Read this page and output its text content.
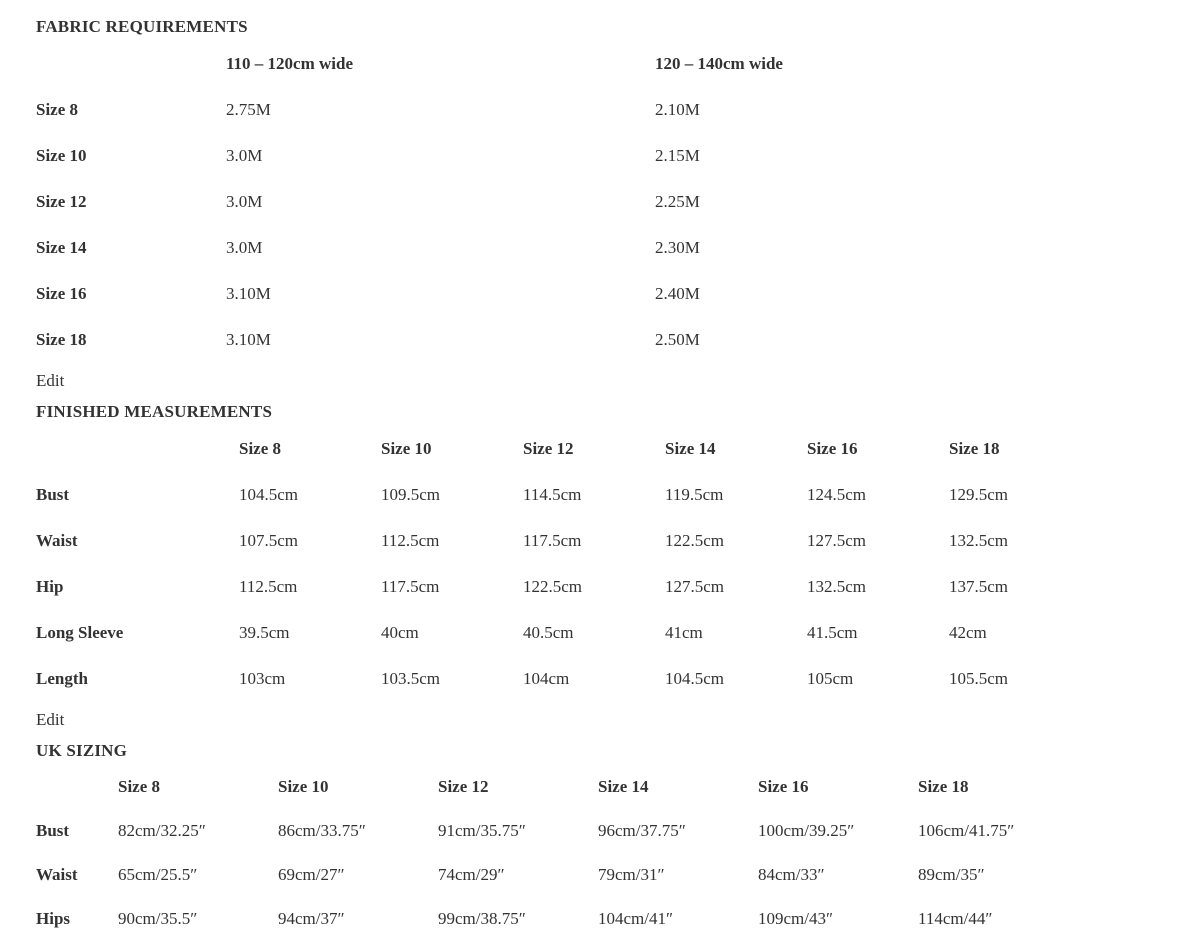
FABRIC REQUIREMENTS
	110 – 120cm wide	120 – 140cm wide
Size 8	2.75M	2.10M
Size 10	3.0M	2.15M
Size 12	3.0M	2.25M
Size 14	3.0M	2.30M
Size 16	3.10M	2.40M
Size 18	3.10M	2.50M

Edit

FINISHED MEASUREMENTS
	Size 8	Size 10	Size 12	Size 14	Size 16	Size 18
Bust	104.5cm	109.5cm	114.5cm	119.5cm	124.5cm	129.5cm
Waist	107.5cm	112.5cm	117.5cm	122.5cm	127.5cm	132.5cm
Hip	112.5cm	117.5cm	122.5cm	127.5cm	132.5cm	137.5cm
Long Sleeve	39.5cm	40cm	40.5cm	41cm	41.5cm	42cm
Length	103cm	103.5cm	104cm	104.5cm	105cm	105.5cm

Edit

UK SIZING
	Size 8	Size 10	Size 12	Size 14	Size 16	Size 18
Bust	82cm/32.25″	86cm/33.75″	91cm/35.75″	96cm/37.75″	100cm/39.25″	106cm/41.75″
Waist	65cm/25.5″	69cm/27″	74cm/29″	79cm/31″	84cm/33″	89cm/35″
Hips	90cm/35.5″	94cm/37″	99cm/38.75″	104cm/41″	109cm/43″	114cm/44″
